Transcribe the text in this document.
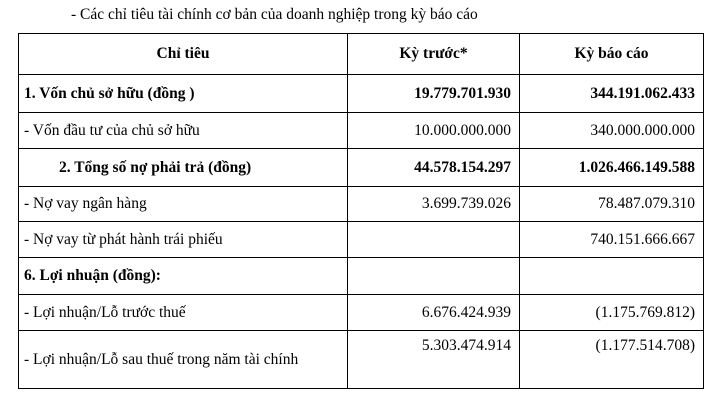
- Các chỉ tiêu tài chính cơ bản của doanh nghiệp trong kỳ báo cáo
Chỉ tiêu	Kỳ trước*	Kỳ báo cáo
1. Vốn chủ sở hữu (đồng )	19.779.701.930	344.191.062.433
- Vốn đầu tư của chủ sở hữu	10.000.000.000	340.000.000.000
2. Tổng số nợ phải trả (đồng)	44.578.154.297	1.026.466.149.588
- Nợ vay ngân hàng	3.699.739.026	78.487.079.310
- Nợ vay từ phát hành trái phiếu		740.151.666.667
6. Lợi nhuận (đồng):		
- Lợi nhuận/Lỗ trước thuế	6.676.424.939	(1.175.769.812)
- Lợi nhuận/Lỗ sau thuế trong năm tài chính	5.303.474.914	(1.177.514.708)
